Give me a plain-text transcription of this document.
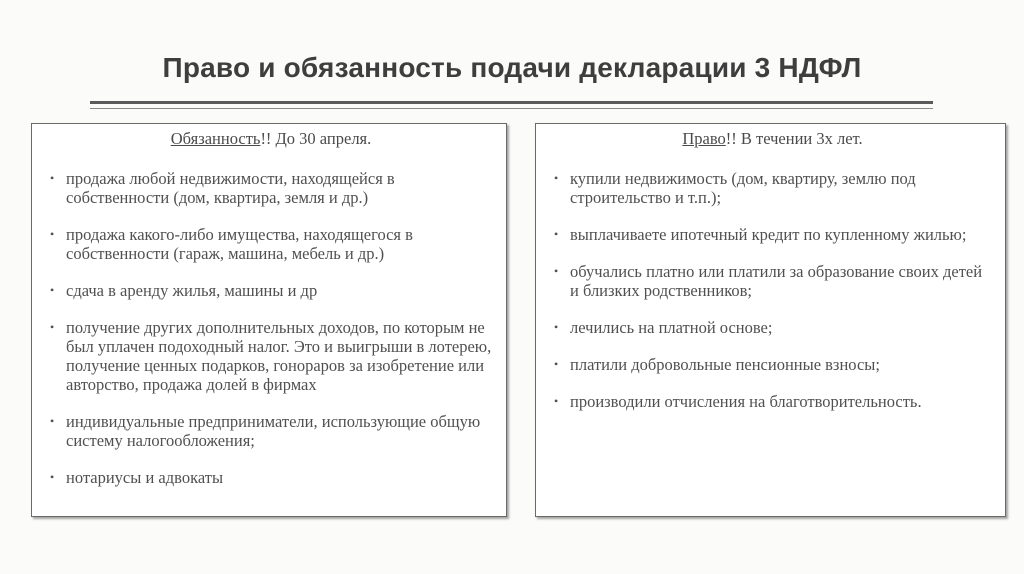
Право и обязанность подачи декларации 3 НДФЛ
Обязанность!! До 30 апреля.
• продажа любой недвижимости, находящейся в собственности (дом, квартира, земля и др.)
• продажа какого-либо имущества, находящегося в собственности (гараж, машина, мебель и др.)
• сдача в аренду жилья, машины и др
• получение других дополнительных доходов, по которым не был уплачен подоходный налог. Это и выигрыши в лотерею, получение ценных подарков, гонораров за изобретение или авторство, продажа долей в фирмах
• индивидуальные предприниматели, использующие общую систему налогообложения;
• нотариусы и адвокаты
Право!! В течении 3х лет.
• купили недвижимость (дом, квартиру, землю под строительство и т.п.);
• выплачиваете ипотечный кредит по купленному жилью;
• обучались платно или платили за образование своих детей и близких родственников;
• лечились на платной основе;
• платили добровольные пенсионные взносы;
• производили отчисления на благотворительность.
